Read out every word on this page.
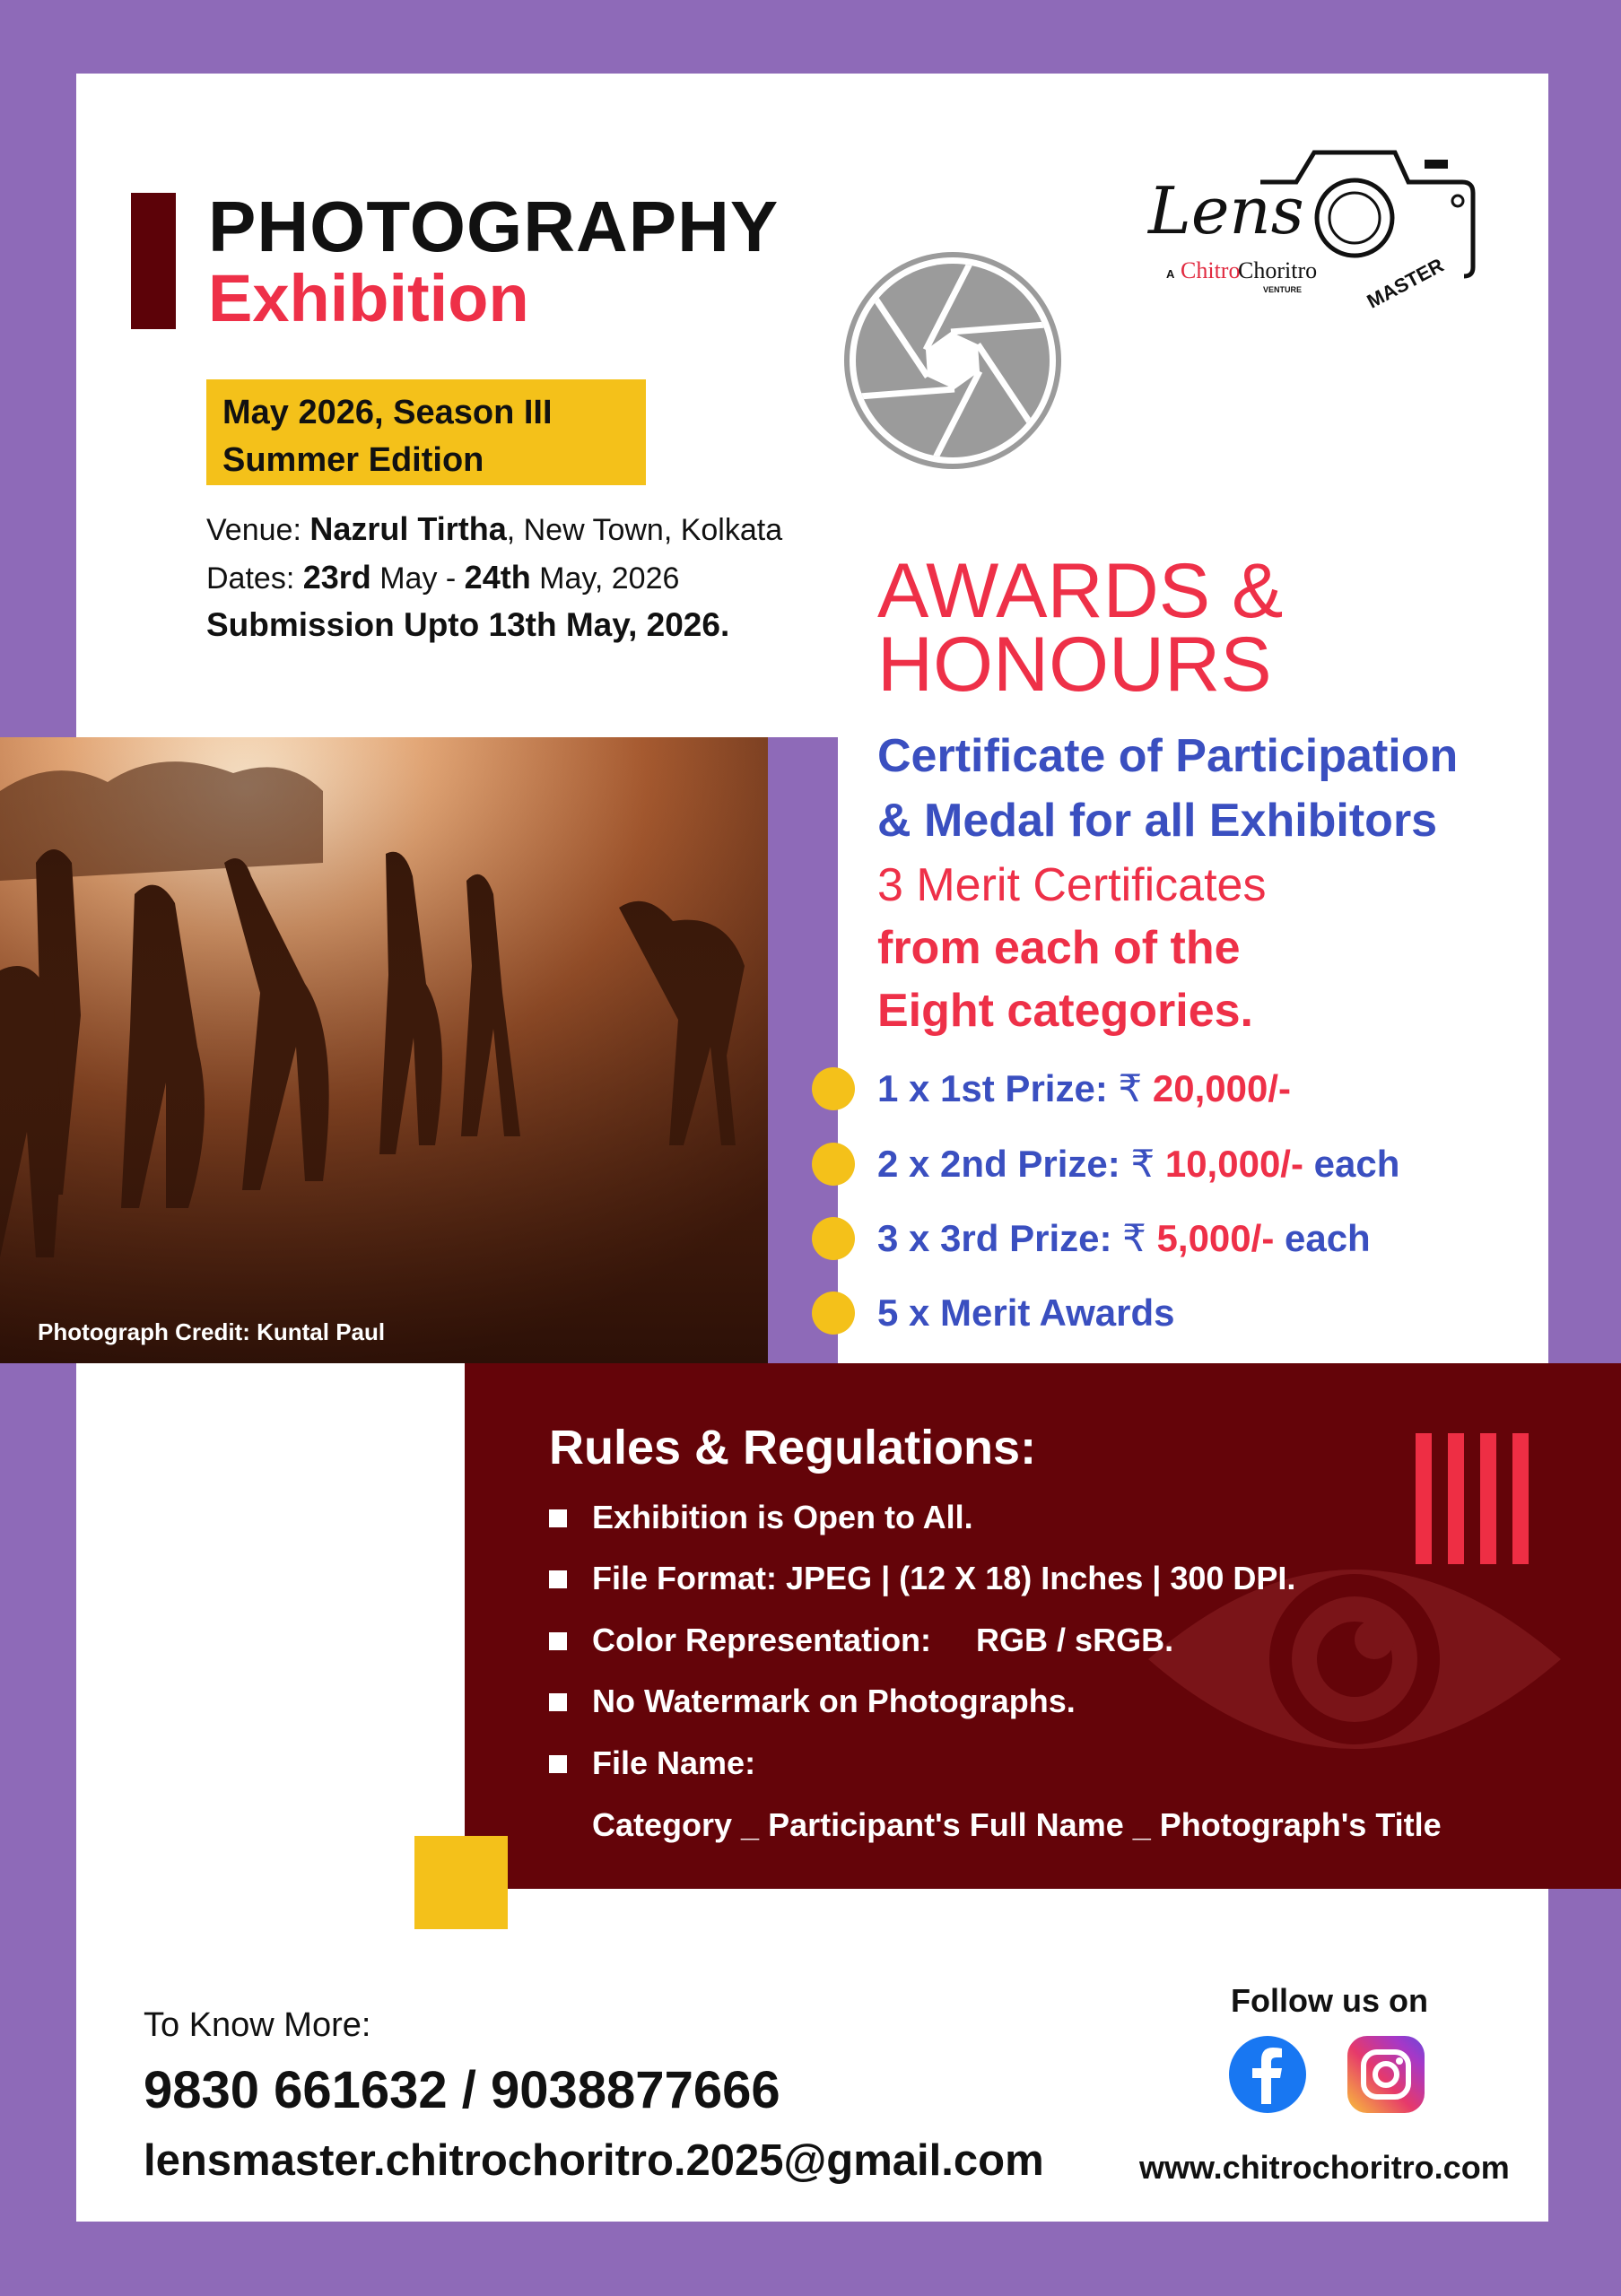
PHOTOGRAPHY
Exhibition
May 2026, Season III
Summer Edition
Venue: Nazrul Tirtha, New Town, Kolkata
Dates: 23rd May - 24th May, 2026
Submission Upto 13th May, 2026.
Lens
A Chitro
Choritro
VENTURE	MASTER
AWARDS &
HONOURS
Photograph Credit: Kuntal Paul
Certificate of Participation
& Medal for all Exhibitors
3 Merit Certificates
from each of the
Eight categories.
1 x 1st Prize: ₹ 20,000/-
2 x 2nd Prize: ₹ 10,000/- each
3 x 3rd Prize: ₹ 5,000/- each
5 x Merit Awards
Rules & Regulations:
Exhibition is Open to All.
File Format: JPEG | (12 X 18) Inches | 300 DPI.
Color Representation:     RGB / sRGB.
No Watermark on Photographs.
File Name:
Category _ Participant's Full Name _ Photograph's Title
To Know More:
9830 661632 / 9038877666
lensmaster.chitrochoritro.2025@gmail.com
Follow us on
www.chitrochoritro.com
